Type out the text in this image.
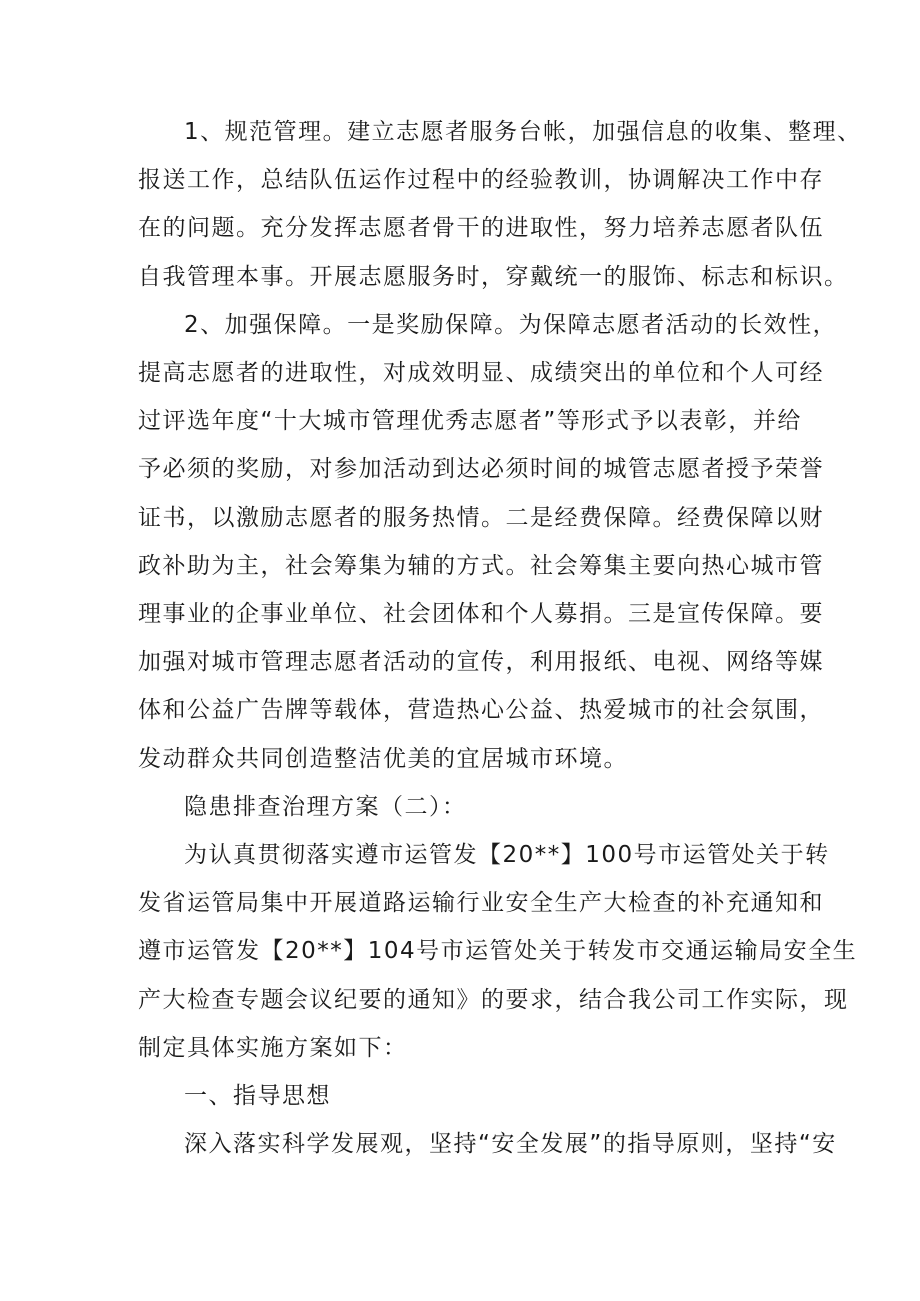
1、规范管理。建立志愿者服务台帐，加强信息的收集、整理、
报送工作，总结队伍运作过程中的经验教训，协调解决工作中存
在的问题。充分发挥志愿者骨干的进取性，努力培养志愿者队伍
自我管理本事。开展志愿服务时，穿戴统一的服饰、标志和标识。

2、加强保障。一是奖励保障。为保障志愿者活动的长效性，
提高志愿者的进取性，对成效明显、成绩突出的单位和个人可经
过评选年度“十大城市管理优秀志愿者”等形式予以表彰，并给
予必须的奖励，对参加活动到达必须时间的城管志愿者授予荣誉
证书，以激励志愿者的服务热情。二是经费保障。经费保障以财
政补助为主，社会筹集为辅的方式。社会筹集主要向热心城市管
理事业的企事业单位、社会团体和个人募捐。三是宣传保障。要
加强对城市管理志愿者活动的宣传，利用报纸、电视、网络等媒
体和公益广告牌等载体，营造热心公益、热爱城市的社会氛围，
发动群众共同创造整洁优美的宜居城市环境。

隐患排查治理方案（二）：

为认真贯彻落实遵市运管发【20**】100号市运管处关于转
发省运管局集中开展道路运输行业安全生产大检查的补充通知和
遵市运管发【20**】104号市运管处关于转发市交通运输局安全生
产大检查专题会议纪要的通知》的要求，结合我公司工作实际，现
制定具体实施方案如下：

一、指导思想

深入落实科学发展观，坚持“安全发展”的指导原则，坚持“安
